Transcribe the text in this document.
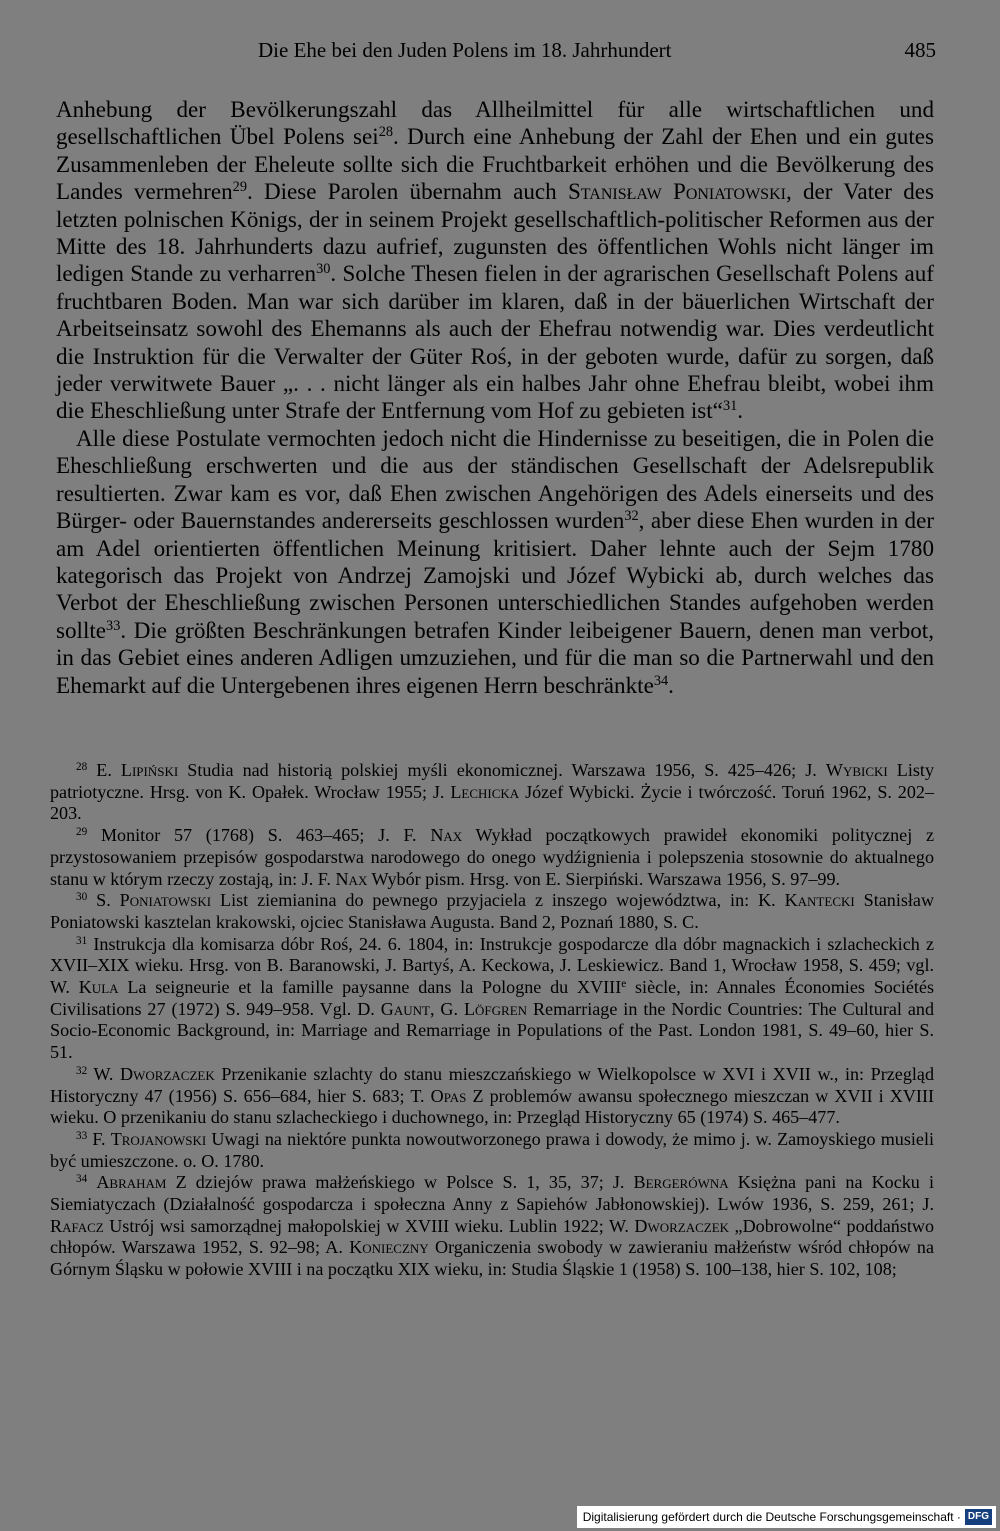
Die Ehe bei den Juden Polens im 18. Jahrhundert	485

Anhebung der Bevölkerungszahl das Allheilmittel für alle wirtschaftlichen und gesellschaftlichen Übel Polens sei$^{28}$. Durch eine Anhebung der Zahl der Ehen und ein gutes Zusammenleben der Eheleute sollte sich die Fruchtbarkeit erhöhen und die Bevölkerung des Landes vermehren$^{29}$. Diese Parolen übernahm auch Stanisław Poniatowski, der Vater des letzten polnischen Königs, der in seinem Projekt gesellschaftlich-politischer Reformen aus der Mitte des 18. Jahrhunderts dazu aufrief, zugunsten des öffentlichen Wohls nicht länger im ledigen Stande zu verharren$^{30}$. Solche Thesen fielen in der agrarischen Gesellschaft Polens auf fruchtbaren Boden. Man war sich darüber im klaren, daß in der bäuerlichen Wirtschaft der Arbeitseinsatz sowohl des Ehemanns als auch der Ehefrau notwendig war. Dies verdeutlicht die Instruktion für die Verwalter der Güter Roś, in der geboten wurde, dafür zu sorgen, daß jeder verwitwete Bauer „. . . nicht länger als ein halbes Jahr ohne Ehefrau bleibt, wobei ihm die Eheschließung unter Strafe der Entfernung vom Hof zu gebieten ist“$^{31}$.

Alle diese Postulate vermochten jedoch nicht die Hindernisse zu beseitigen, die in Polen die Eheschließung erschwerten und die aus der ständischen Gesellschaft der Adelsrepublik resultierten. Zwar kam es vor, daß Ehen zwischen Angehörigen des Adels einerseits und des Bürger- oder Bauernstandes andererseits geschlossen wurden$^{32}$, aber diese Ehen wurden in der am Adel orientierten öffentlichen Meinung kritisiert. Daher lehnte auch der Sejm 1780 kategorisch das Projekt von Andrzej Zamojski und Józef Wybicki ab, durch welches das Verbot der Eheschließung zwischen Personen unterschiedlichen Standes aufgehoben werden sollte$^{33}$. Die größten Beschränkungen betrafen Kinder leibeigener Bauern, denen man verbot, in das Gebiet eines anderen Adligen umzuziehen, und für die man so die Partnerwahl und den Ehemarkt auf die Untergebenen ihres eigenen Herrn beschränkte$^{34}$.

$^{28}$ E. Lipiński Studia nad historią polskiej myśli ekonomicznej. Warszawa 1956, S. 425–426; J. Wybicki Listy patriotyczne. Hrsg. von K. Opałek. Wrocław 1955; J. Lechicka Józef Wybicki. Życie i twórczość. Toruń 1962, S. 202–203.

$^{29}$ Monitor 57 (1768) S. 463–465; J. F. Nax Wykład początkowych prawideł ekonomiki politycznej z przystosowaniem przepisów gospodarstwa narodowego do onego wydźignienia i polepszenia stosownie do aktualnego stanu w którym rzeczy zostają, in: J. F. Nax Wybór pism. Hrsg. von E. Sierpiński. Warszawa 1956, S. 97–99.

$^{30}$ S. Poniatowski List ziemianina do pewnego przyjaciela z inszego województwa, in: K. Kantecki Stanisław Poniatowski kasztelan krakowski, ojciec Stanisława Augusta. Band 2, Poznań 1880, S. C.

$^{31}$ Instrukcja dla komisarza dóbr Roś, 24. 6. 1804, in: Instrukcje gospodarcze dla dóbr magnackich i szlacheckich z XVII–XIX wieku. Hrsg. von B. Baranowski, J. Bartyś, A. Keckowa, J. Leskiewicz. Band 1, Wrocław 1958, S. 459; vgl. W. Kula La seigneurie et la famille paysanne dans la Pologne du XVIIIe siècle, in: Annales Économies Sociétés Civilisations 27 (1972) S. 949–958. Vgl. D. Gaunt, G. Löfgren Remarriage in the Nordic Countries: The Cultural and Socio-Economic Background, in: Marriage and Remarriage in Populations of the Past. London 1981, S. 49–60, hier S. 51.

$^{32}$ W. Dworzaczek Przenikanie szlachty do stanu mieszczańskiego w Wielkopolsce w XVI i XVII w., in: Przegląd Historyczny 47 (1956) S. 656–684, hier S. 683; T. Opas Z problemów awansu społecznego mieszczan w XVII i XVIII wieku. O przenikaniu do stanu szlacheckiego i duchownego, in: Przegląd Historyczny 65 (1974) S. 465–477.

$^{33}$ F. Trojanowski Uwagi na niektóre punkta nowoutworzonego prawa i dowody, że mimo j. w. Zamoyskiego musieli być umieszczone. o. O. 1780.

$^{34}$ Abraham Z dziejów prawa małżeńskiego w Polsce S. 1, 35, 37; J. Bergerówna Księżna pani na Kocku i Siemiatyczach (Działalność gospodarcza i społeczna Anny z Sapiehów Jabłonowskiej). Lwów 1936, S. 259, 261; J. Rafacz Ustrój wsi samorządnej małopolskiej w XVIII wieku. Lublin 1922; W. Dworzaczek „Dobrowolne“ poddaństwo chłopów. Warszawa 1952, S. 92–98; A. Konieczny Organiczenia swobody w zawieraniu małżeństw wśród chłopów na Górnym Śląsku w połowie XVIII i na początku XIX wieku, in: Studia Śląskie 1 (1958) S. 100–138, hier S. 102, 108;

Digitalisierung gefördert durch die Deutsche Forschungsgemeinschaft · DFG
